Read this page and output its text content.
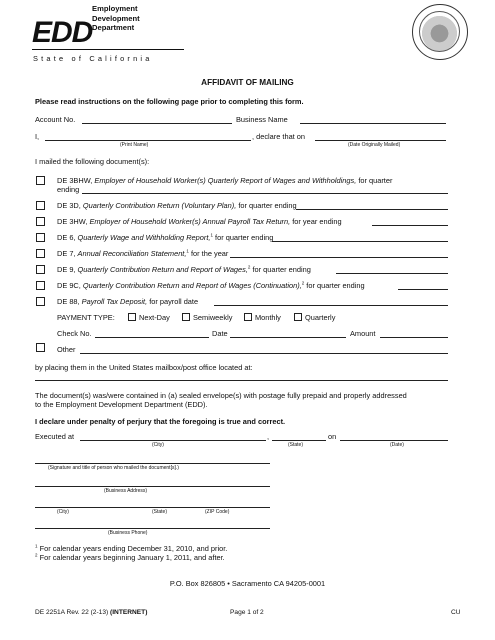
EDD
Employment
Development
Department
State of California
AFFIDAVIT OF MAILING
Please read instructions on the following page prior to completing this form.
Account No.	Business Name
I,	, declare that on
(Print Name)	(Date Originally Mailed)
I mailed the following document(s):
DE 3BHW, Employer of Household Worker(s) Quarterly Report of Wages and Withholdings, for quarter
ending
DE 3D, Quarterly Contribution Return (Voluntary Plan), for quarter ending
DE 3HW, Employer of Household Worker(s) Annual Payroll Tax Return, for year ending
DE 6, Quarterly Wage and Withholding Report,$^1$ for quarter ending
DE 7, Annual Reconciliation Statement,$^1$ for the year
DE 9, Quarterly Contribution Return and Report of Wages,$^2$ for quarter ending
DE 9C, Quarterly Contribution Return and Report of Wages (Continuation),$^2$ for quarter ending
DE 88, Payroll Tax Deposit, for payroll date
PAYMENT TYPE:	Next-Day	Semiweekly	Monthly	Quarterly
Check No.	Date	Amount
Other
by placing them in the United States mailbox/post office located at:
The document(s) was/were contained in (a) sealed envelope(s) with postage fully prepaid and properly addressed
to the Employment Development Department (EDD).
I declare under penalty of perjury that the foregoing is true and correct.
Executed at	,	on
(City)	(State)	(Date)
(Signature and title of person who mailed the document[s].)
(Business Address)
(City)	(State)	(ZIP Code)
(Business Phone)
$^1$ For calendar years ending December 31, 2010, and prior.
$^2$ For calendar years beginning January 1, 2011, and after.
P.O. Box 826805 • Sacramento CA 94205-0001
DE 2251A Rev. 22 (2-13) (INTERNET)	Page 1 of 2	CU
